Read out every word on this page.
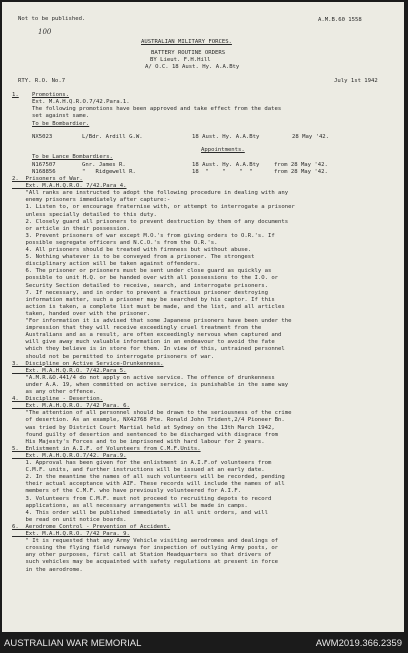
Not to be published.	A.M.B.60 1558
100
AUSTRALIAN MILITARY FORCES.
BATTERY ROUTINE ORDERS
BY Lieut. F.H.Hill
A/ O.C. 18 Aust. Hy. A.A.Bty
RTY. R.O. No.7	July 1st 1942
1. Promotions.
Ext. M.A.H.Q.R.O.7/42.Para.1.
The following promotions have been approved and take effect from the dates
set against same.
To be Bombardier.
NX5023	L/Bdr. Ardill G.W.	18 Aust. Hy. A.A.Bty	28 May '42.
Appointments.
To be Lance Bombardiers.
N167507	Gnr. James R.	18 Aust. Hy. A.A.Bty	from 28 May '42.
N168856	"   Ridgewell R.	18  "    "    "  "	from 28 May '42.
2.  Prisoners of War.
Ext. M.A.H.Q.R.O. 7/42.Para 4.
"All ranks are instructed to adopt the following procedure in dealing with any
enemy prisoners immediately after capture:-
1. Listen to, or encourage fraternise with, or attempt to interrogate a prisoner
unless specially detailed to this duty.
2. Closely guard all prisoners to prevent destruction by them of any documents
or article in their possession.
3. Prevent prisoners of war except M.O.'s from giving orders to O.R.'s. If
possible segregate officers and N.C.O.'s from the O.R.'s.
4. All prisoners should be treated with firmness but without abuse.
5. Nothing whatever is to be conveyed from a prisoner. The strongest
disciplinary action will be taken against offenders.
6. The prisoner or prisoners must be sent under close guard as quickly as
possible to unit H.Q. or be handed over with all possessions to the I.O. or
Security Section detailed to receive, search, and interrogate prisoners.
7. If necessary, and in order to prevent a fractious prisoner destroying
information matter, such a prisoner may be searched by his captor. If this
action is taken, a complete list must be made, and the list, and all articles
taken, handed over with the prisoner.
"For information it is advised that some Japanese prisoners have been under the
impression that they will receive exceedingly cruel treatment from the
Australians and as a result, are often exceedingly nervous when captured and
will give away much valuable information in an endeavour to avoid the fate
which they believe is in store for them. In view of this, untrained personnel
should not be permitted to interrogate prisoners of war.
3.  Discipline on Active Service-Drunkenness.
Ext. M.A.H.Q.R.O. 7/42.Para 5.
"A.M.R.&O.441/4 do not apply on active service. The offence of drunkenness
under A.A. 19, when committed on active service, is punishable in the same way
as any other offence.
4.  Discipline - Desertion.
Ext. M.A.H.Q.R.O. 7/42 Para. 6.
"The attention of all personnel should be drawn to the seriousness of the crime
of desertion. As an example, NX42768 Pte. Ronald John Trident,2/4 Pioneer Bn.
was tried by District Court Martial held at Sydney on the 13th March 1942,
found guilty of desertion and sentenced to be discharged with disgrace from
His Majesty's Forces and to be imprisoned with hard labour for 2 years.
5.  Enlistment in A.I.F. of Volunteers from C.M.F.Units.
Ext. M.A.H.Q.R.O.7/42. Para.9.
1. Approval has been given for the enlistment in A.I.F.of volunteers from
C.M.F. units, and further instructions will be issued at an early date.
2. In the meantime the names of all such volunteers will be recorded, pending
their actual acceptance with AIF. These records will include the names of all
members of the C.M.F. who have previously volunteered for A.I.F.
3. Volunteers from C.M.F. must not proceed to recruiting depots to record
applications, as all necessary arrangements will be made in camps.
4. This order will be published immediately in all unit orders, and will
be read on unit notice boards.
6.  Aerodrome Control - Prevention of Accident.
Ext. M.A.H.Q.R.O. 7/42 Para. 9.
" It is requested that any Army Vehicle visiting aerodromes and dealings of
crossing the flying field runways for inspection of outlying Army posts, or
any other purposes, first call at Station Headquarters so that drivers of
such vehicles may be acquainted with safety regulations at present in force
in the aerodrome.
AUSTRALIAN WAR MEMORIAL	AWM2019.366.2359
